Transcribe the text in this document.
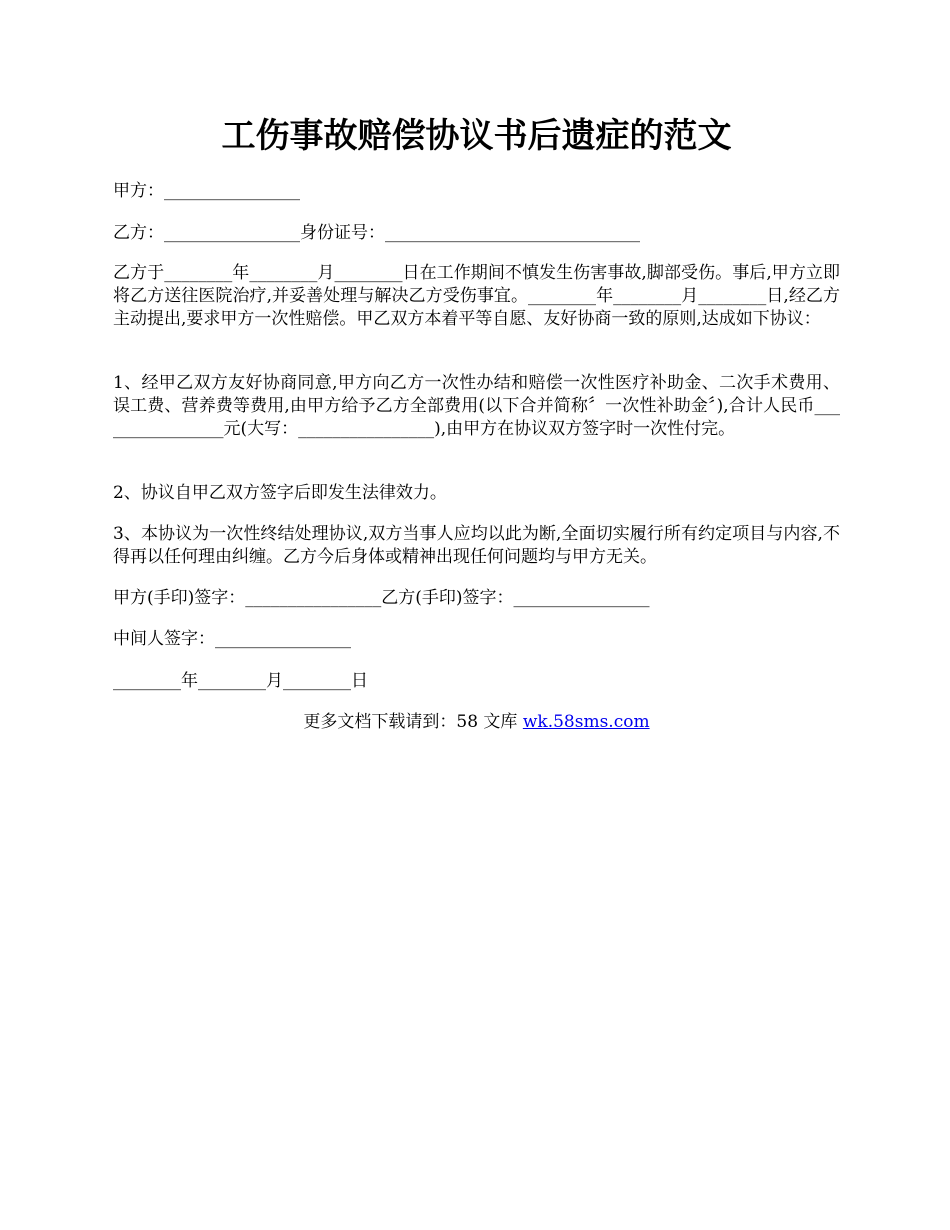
工伤事故赔偿协议书后遗症的范文

甲方：________________

乙方：________________身份证号：______________________________

乙方于________年________月________日在工作期间不慎发生伤害事故,脚部受伤。事后,甲方立即将乙方送往医院治疗,并妥善处理与解决乙方受伤事宜。________年________月________日,经乙方主动提出,要求甲方一次性赔偿。甲乙双方本着平等自愿、友好协商一致的原则,达成如下协议：

1、经甲乙双方友好协商同意,甲方向乙方一次性办结和赔偿一次性医疗补助金、二次手术费用、误工费、营养费等费用,由甲方给予乙方全部费用(以下合并简称〞一次性补助金〞),合计人民币________________元(大写：________________),由甲方在协议双方签字时一次性付完。

2、协议自甲乙双方签字后即发生法律效力。

3、本协议为一次性终结处理协议,双方当事人应均以此为断,全面切实履行所有约定项目与内容,不得再以任何理由纠缠。乙方今后身体或精神出现任何问题均与甲方无关。

甲方(手印)签字：________________乙方(手印)签字：________________

中间人签字：________________

________年________月________日

更多文档下载请到：58 文库 wk.58sms.com
